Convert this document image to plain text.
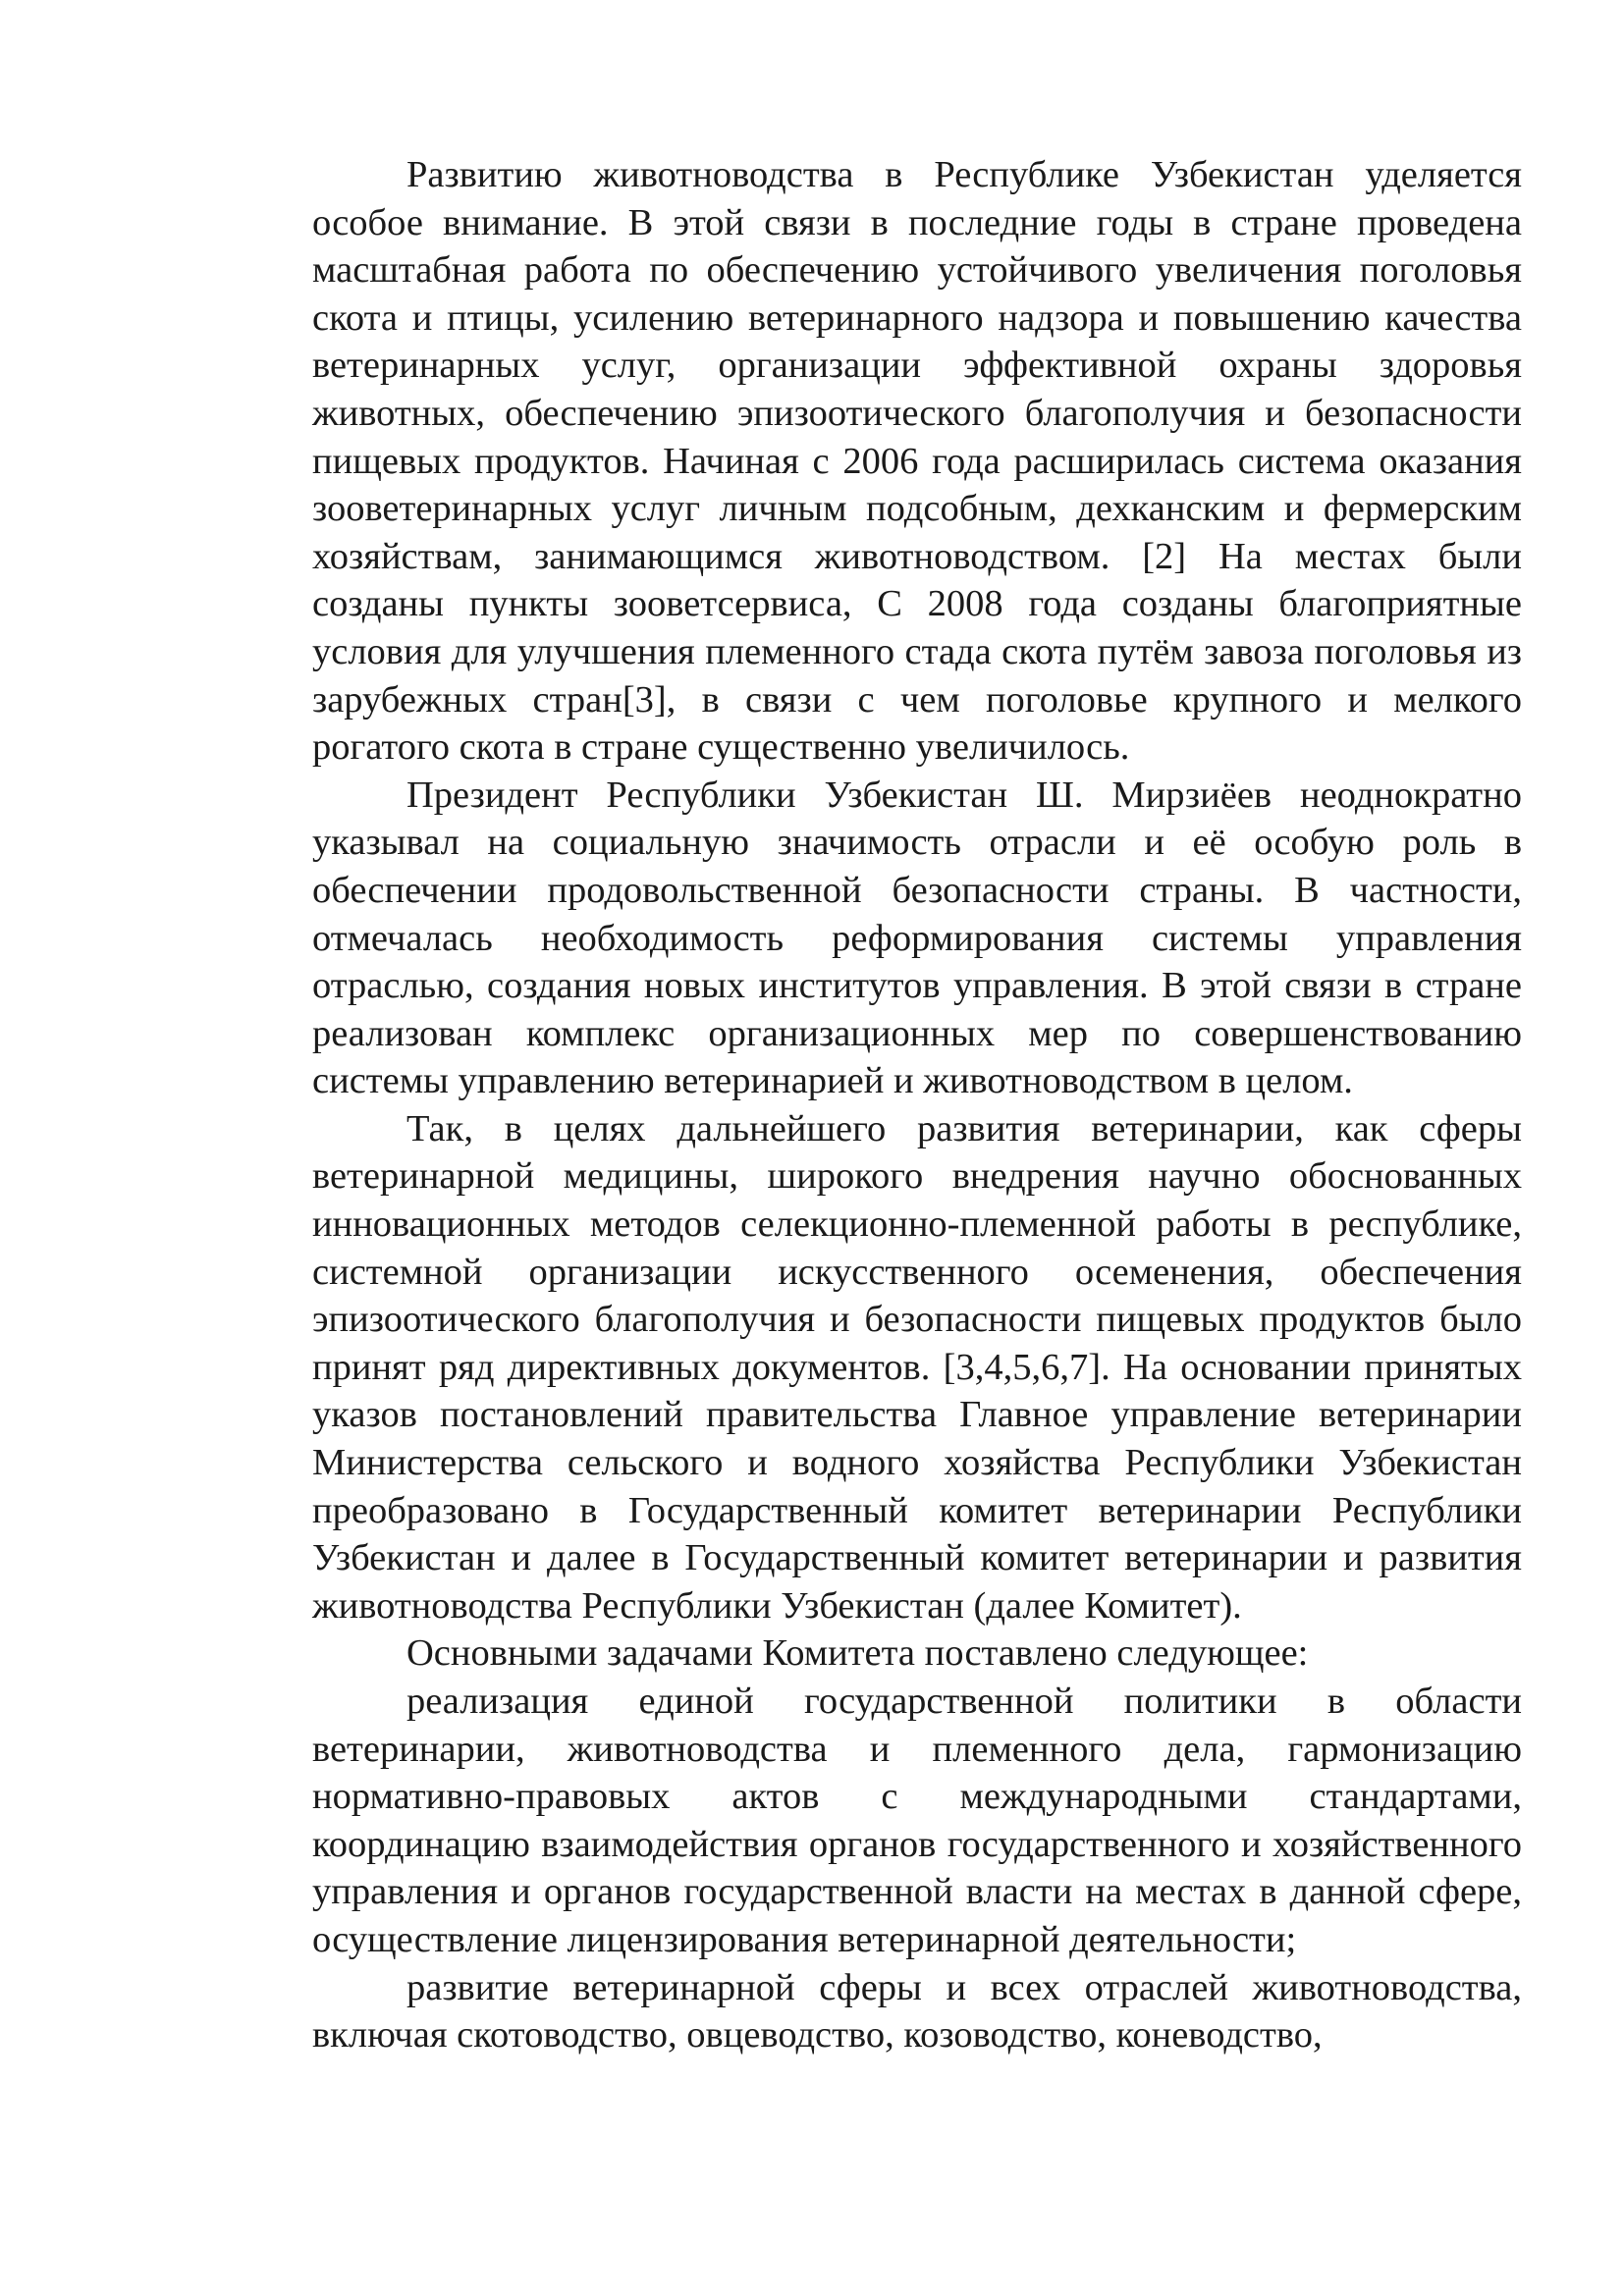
Развитию животноводства в Республике Узбекистан уделяется особое внимание. В этой связи в последние годы в стране проведена масштабная работа по обеспечению устойчивого увеличения поголовья скота и птицы, усилению ветеринарного надзора и повышению качества ветеринарных услуг, организации эффективной охраны здоровья животных, обеспечению эпизоотического благополучия и безопасности пищевых продуктов. Начиная с 2006 года расширилась система оказания зооветеринарных услуг личным подсобным, дехканским и фермерским хозяйствам, занимающимся животноводством. [2] На местах были созданы пункты зооветсервиса, С 2008 года созданы благоприятные условия для улучшения племенного стада скота путём завоза поголовья из зарубежных стран[3], в связи с чем поголовье крупного и мелкого рогатого скота в стране существенно увеличилось.

Президент Республики Узбекистан Ш. Мирзиёев неоднократно указывал на социальную значимость отрасли и её особую роль в обеспечении продовольственной безопасности страны. В частности, отмечалась необходимость реформирования системы управления отраслью, создания новых институтов управления. В этой связи в стране реализован комплекс организационных мер по совершенствованию системы управлению ветеринарией и животноводством в целом.

Так, в целях дальнейшего развития ветеринарии, как сферы ветеринарной медицины, широкого внедрения научно обоснованных инновационных методов селекционно-племенной работы в республике, системной организации искусственного осеменения, обеспечения эпизоотического благополучия и безопасности пищевых продуктов было принят ряд директивных документов. [3,4,5,6,7]. На основании принятых указов постановлений правительства Главное управление ветеринарии Министерства сельского и водного хозяйства Республики Узбекистан преобразовано в Государственный комитет ветеринарии Республики Узбекистан и далее в Государственный комитет ветеринарии и развития животноводства Республики Узбекистан (далее Комитет).

Основными задачами Комитета поставлено следующее:

реализация единой государственной политики в области ветеринарии, животноводства и племенного дела, гармонизацию нормативно-правовых актов с международными стандартами, координацию взаимодействия органов государственного и хозяйственного управления и органов государственной власти на местах в данной сфере, осуществление лицензирования ветеринарной деятельности;

развитие ветеринарной сферы и всех отраслей животноводства, включая скотоводство, овцеводство, козоводство, коневодство,
